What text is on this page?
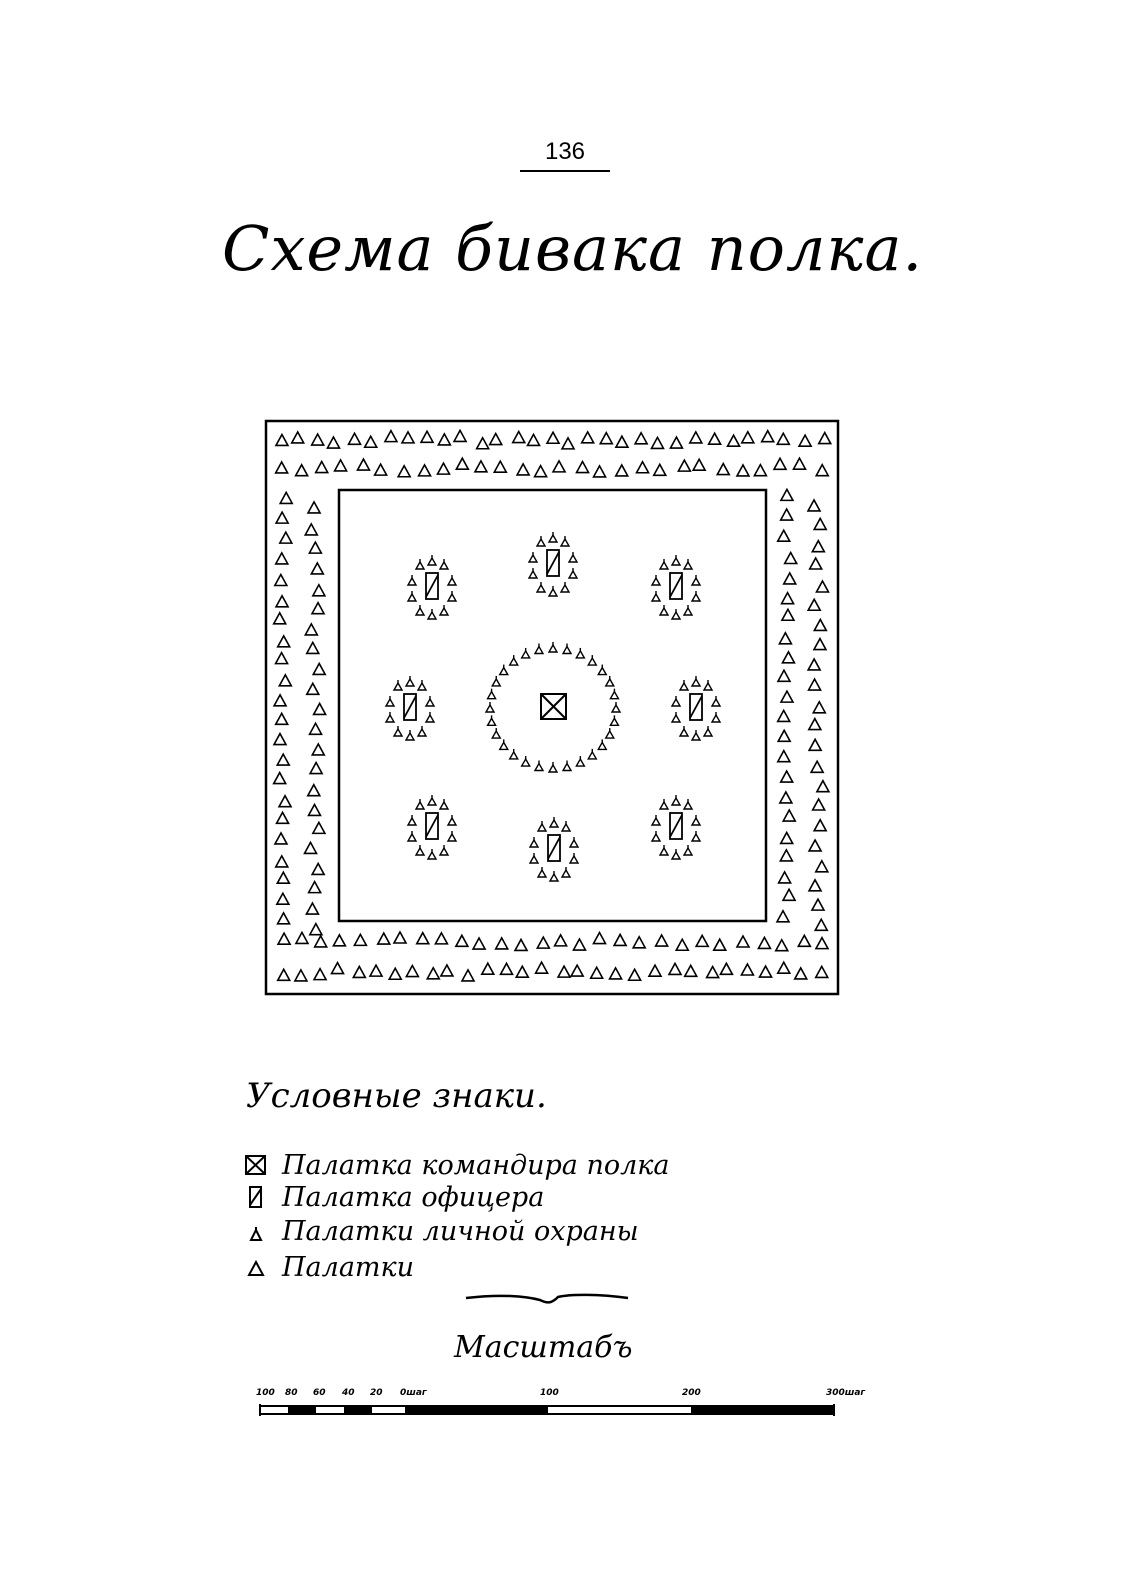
136
Схема бивака полка.
Условные знаки.
Палатка командира полка
Палатка офицера
Палатки личной охраны
Палатки
Масштабъ
100 80 60 40 20 0шаг	100	200	300шаг
